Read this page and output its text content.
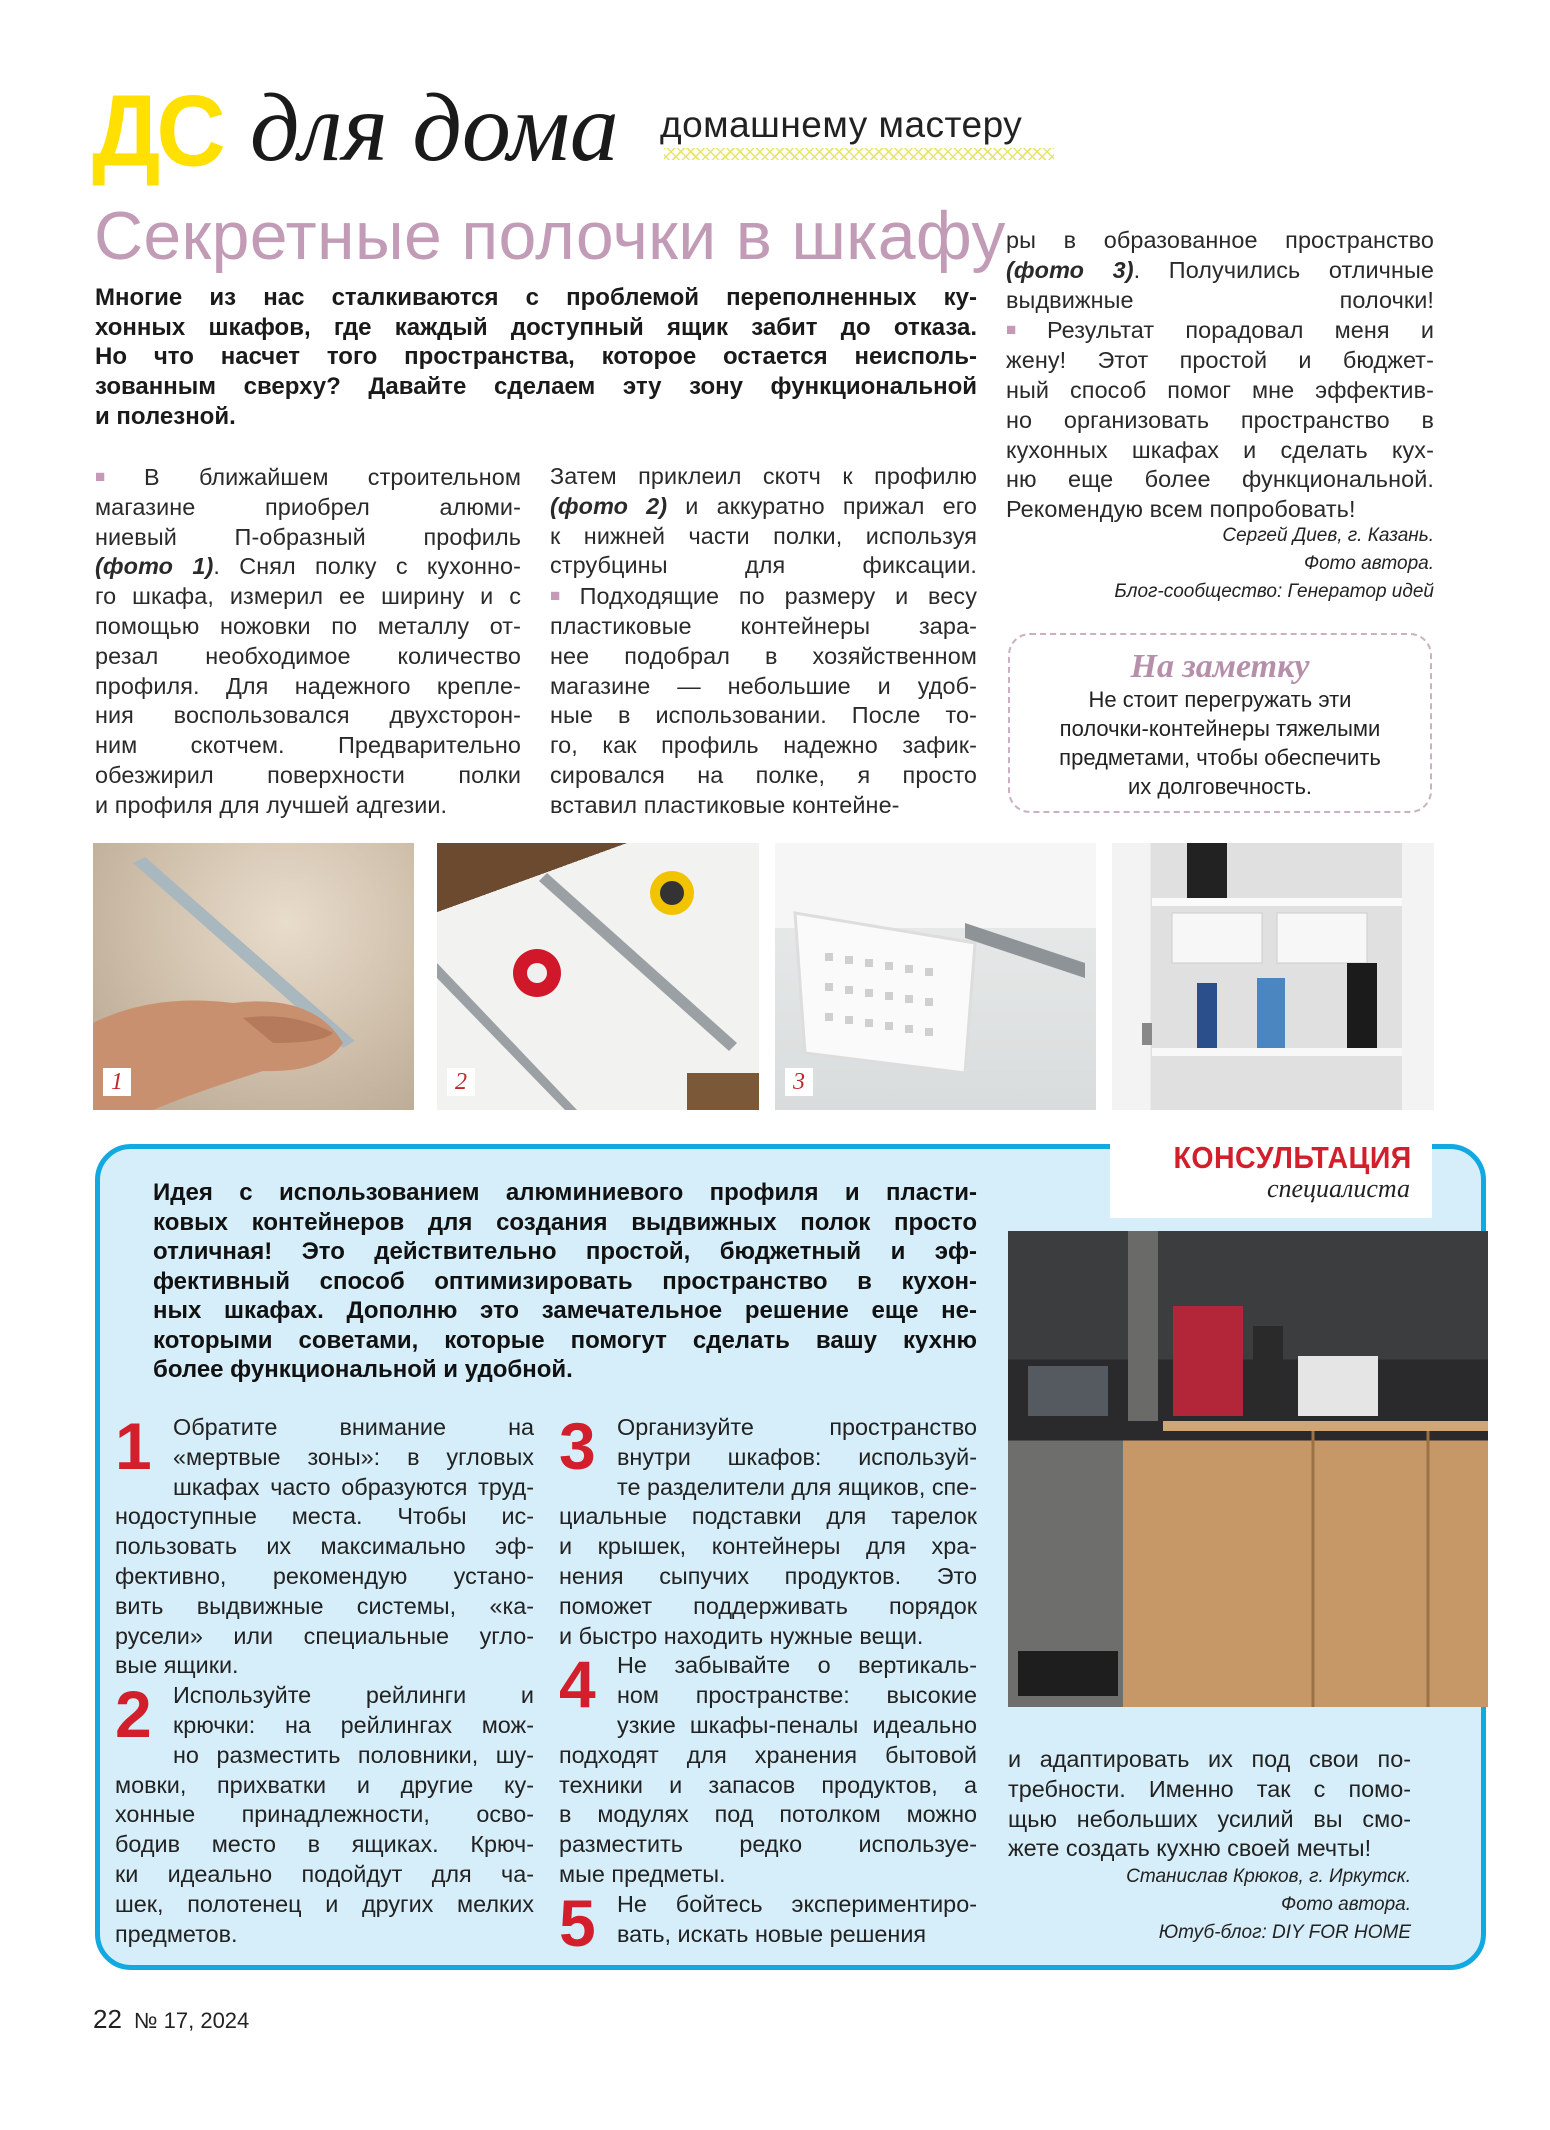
ДС для дома домашнему мастеру
Секретные полочки в шкафу
Многие из нас сталкиваются с проблемой переполненных ку-
хонных шкафов, где каждый доступный ящик забит до отказа.
Но что насчет того пространства, которое остается неисполь-
зованным сверху? Давайте сделаем эту зону функциональной
и полезной.
■ В ближайшем строительном
магазине приобрел алюми-
ниевый П-образный профиль
(фото 1). Снял полку с кухонно-
го шкафа, измерил ее ширину и с
помощью ножовки по металлу от-
резал необходимое количество
профиля. Для надежного крепле-
ния воспользовался двухсторон-
ним скотчем. Предварительно
обезжирил поверхности полки
и профиля для лучшей адгезии.
Затем приклеил скотч к профилю
(фото 2) и аккуратно прижал его
к нижней части полки, используя
струбцины для фиксации.
■ Подходящие по размеру и весу
пластиковые контейнеры зара-
нее подобрал в хозяйственном
магазине — небольшие и удоб-
ные в использовании. После то-
го, как профиль надежно зафик-
сировался на полке, я просто
вставил пластиковые контейне-
ры в образованное пространство
(фото 3). Получились отличные
выдвижные полочки!
■ Результат порадовал меня и
жену! Этот простой и бюджет-
ный способ помог мне эффектив-
но организовать пространство в
кухонных шкафах и сделать кух-
ню еще более функциональной.
Рекомендую всем попробовать!
Сергей Диев, г. Казань.
Фото автора.
Блог-сообщество: Генератор идей
На заметку
Не стоит перегружать эти
полочки-контейнеры тяжелыми
предметами, чтобы обеспечить
их долговечность.
1	2	3
КОНСУЛЬТАЦИЯ
специалиста
Идея с использованием алюминиевого профиля и пласти-
ковых контейнеров для создания выдвижных полок просто
отличная! Это действительно простой, бюджетный и эф-
фективный способ оптимизировать пространство в кухон-
ных шкафах. Дополню это замечательное решение еще не-
которыми советами, которые помогут сделать вашу кухню
более функциональной и удобной.
1 Обратите внимание на
«мертвые зоны»: в угловых
шкафах часто образуются труд-
нодоступные места. Чтобы ис-
пользовать их максимально эф-
фективно, рекомендую устано-
вить выдвижные системы, «ка-
русели» или специальные угло-
вые ящики.
2 Используйте рейлинги и
крючки: на рейлингах мож-
но разместить половники, шу-
мовки, прихватки и другие ку-
хонные принадлежности, осво-
бодив место в ящиках. Крюч-
ки идеально подойдут для ча-
шек, полотенец и других мелких
предметов.
3 Организуйте пространство
внутри шкафов: используй-
те разделители для ящиков, спе-
циальные подставки для тарелок
и крышек, контейнеры для хра-
нения сыпучих продуктов. Это
поможет поддерживать порядок
и быстро находить нужные вещи.
4 Не забывайте о вертикаль-
ном пространстве: высокие
узкие шкафы-пеналы идеально
подходят для хранения бытовой
техники и запасов продуктов, а
в модулях под потолком можно
разместить редко используе-
мые предметы.
5 Не бойтесь экспериментиро-
вать, искать новые решения
и адаптировать их под свои по-
требности. Именно так с помо-
щью небольших усилий вы смо-
жете создать кухню своей мечты!
Станислав Крюков, г. Иркутск.
Фото автора.
Ютуб-блог: DIY FOR HOME
22 № 17, 2024
